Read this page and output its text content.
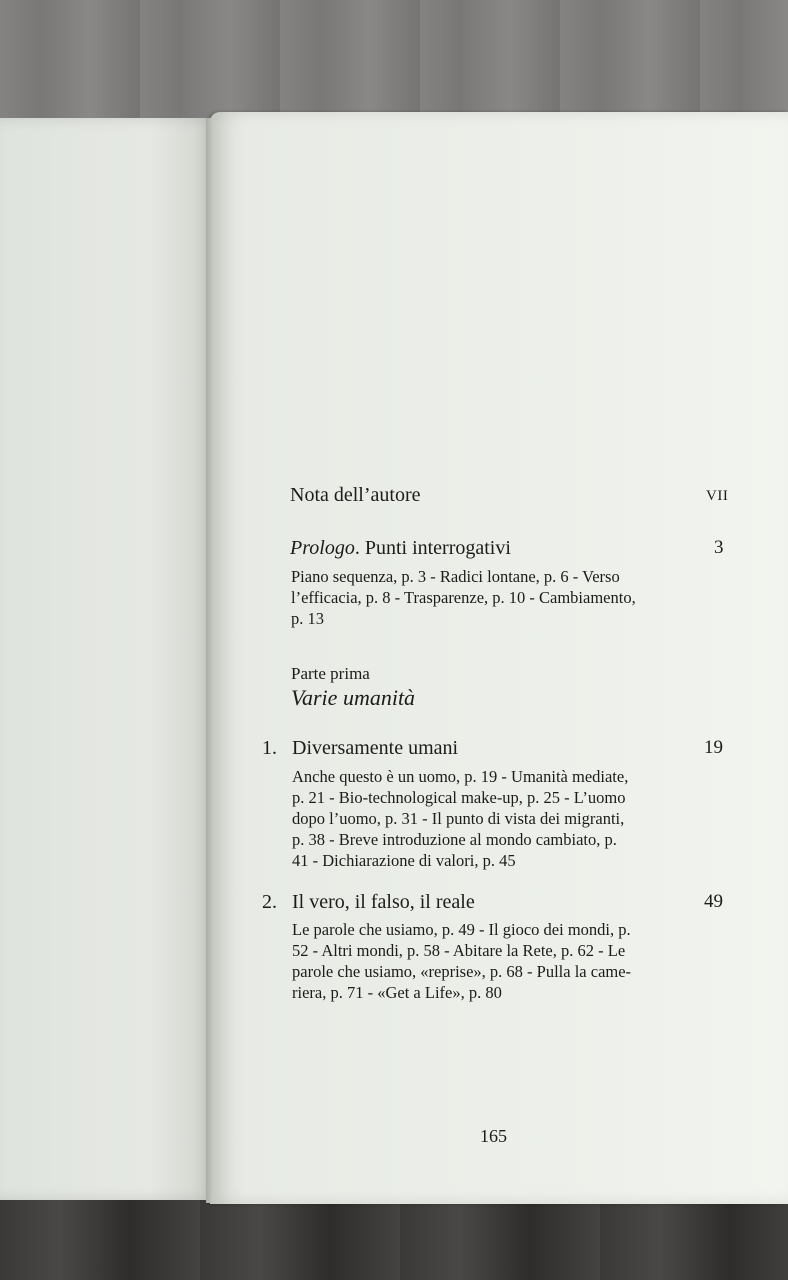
Nota dell’autore	VII
Prologo. Punti interrogativi	3
Piano sequenza, p. 3 - Radici lontane, p. 6 - Verso
l’efficacia, p. 8 - Trasparenze, p. 10 - Cambiamento,
p. 13
Parte prima
Varie umanità
1. Diversamente umani	19
Anche questo è un uomo, p. 19 - Umanità mediate,
p. 21 - Bio-technological make-up, p. 25 - L’uomo
dopo l’uomo, p. 31 - Il punto di vista dei migranti,
p. 38 - Breve introduzione al mondo cambiato, p.
41 - Dichiarazione di valori, p. 45
2. Il vero, il falso, il reale	49
Le parole che usiamo, p. 49 - Il gioco dei mondi, p.
52 - Altri mondi, p. 58 - Abitare la Rete, p. 62 - Le
parole che usiamo, «reprise», p. 68 - Pulla la came-
riera, p. 71 - «Get a Life», p. 80
165
